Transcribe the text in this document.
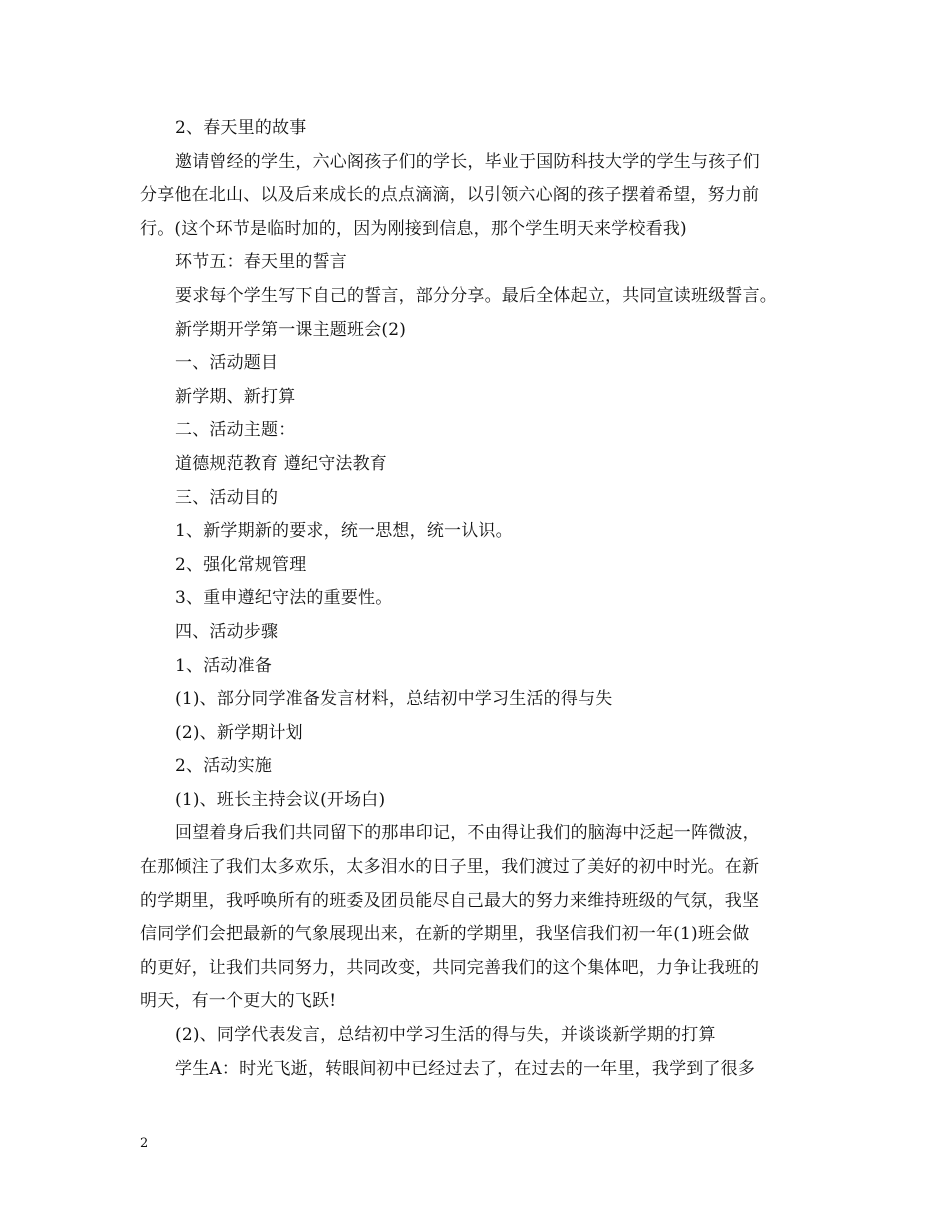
2、春天里的故事
邀请曾经的学生，六心阁孩子们的学长，毕业于国防科技大学的学生与孩子们
分享他在北山、以及后来成长的点点滴滴，以引领六心阁的孩子摆着希望，努力前
行。(这个环节是临时加的，因为刚接到信息，那个学生明天来学校看我)
环节五：春天里的誓言
要求每个学生写下自己的誓言，部分分享。最后全体起立，共同宣读班级誓言。
新学期开学第一课主题班会(2)
一、活动题目
新学期、新打算
二、活动主题：
道德规范教育 遵纪守法教育
三、活动目的
1、新学期新的要求，统一思想，统一认识。
2、强化常规管理
3、重申遵纪守法的重要性。
四、活动步骤
1、活动准备
(1)、部分同学准备发言材料，总结初中学习生活的得与失
(2)、新学期计划
2、活动实施
(1)、班长主持会议(开场白)
回望着身后我们共同留下的那串印记，不由得让我们的脑海中泛起一阵微波，
在那倾注了我们太多欢乐，太多泪水的日子里，我们渡过了美好的初中时光。在新
的学期里，我呼唤所有的班委及团员能尽自己最大的努力来维持班级的气氛，我坚
信同学们会把最新的气象展现出来，在新的学期里，我坚信我们初一年(1)班会做
的更好，让我们共同努力，共同改变，共同完善我们的这个集体吧，力争让我班的
明天，有一个更大的飞跃!
(2)、同学代表发言，总结初中学习生活的得与失，并谈谈新学期的打算
学生A：时光飞逝，转眼间初中已经过去了，在过去的一年里，我学到了很多
2
